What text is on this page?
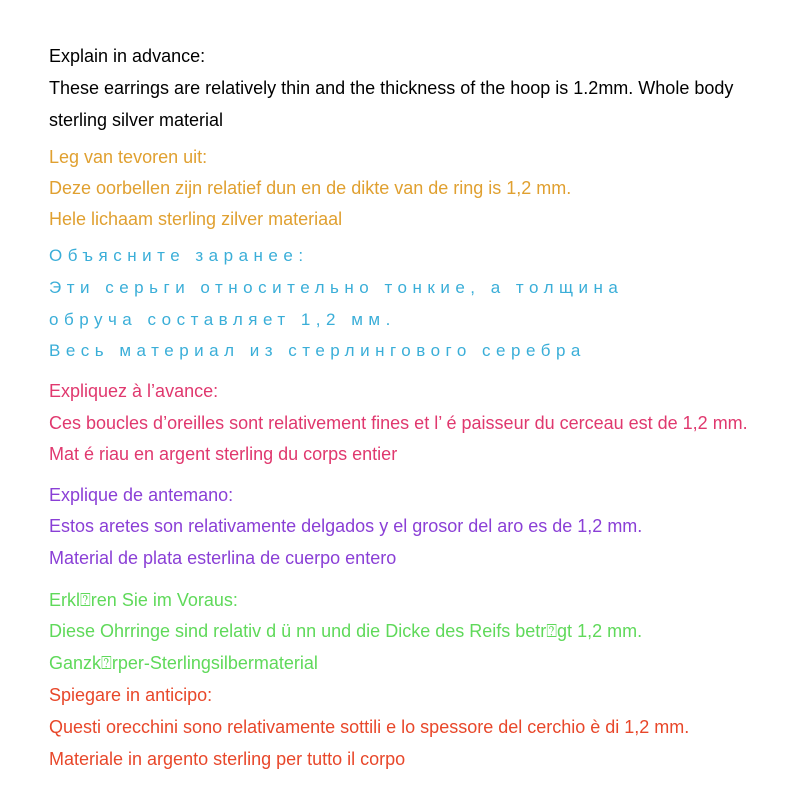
Explain in advance:

These earrings are relatively thin and the thickness of the hoop is 1.2mm. Whole body

sterling silver material

Leg van tevoren uit:

Deze oorbellen zijn relatief dun en de dikte van de ring is 1,2 mm.

Hele lichaam sterling zilver materiaal

Объясните заранее:

Эти серьги относительно тонкие, а толщина

обруча составляет 1,2 мм.

Весь материал из стерлингового серебра

Expliquez à l’avance:

Ces boucles d’oreilles sont relativement fines et l’ é paisseur du cerceau est de 1,2 mm.

Mat é riau en argent sterling du corps entier

Explique de antemano:

Estos aretes son relativamente delgados y el grosor del aro es de 1,2 mm.

Material de plata esterlina de cuerpo entero

Erkl⍰ren Sie im Voraus:

Diese Ohrringe sind relativ d ü nn und die Dicke des Reifs betr⍰gt 1,2 mm.

Ganzk⍰rper-Sterlingsilbermaterial

Spiegare in anticipo:

Questi orecchini sono relativamente sottili e lo spessore del cerchio è di 1,2 mm.

Materiale in argento sterling per tutto il corpo
